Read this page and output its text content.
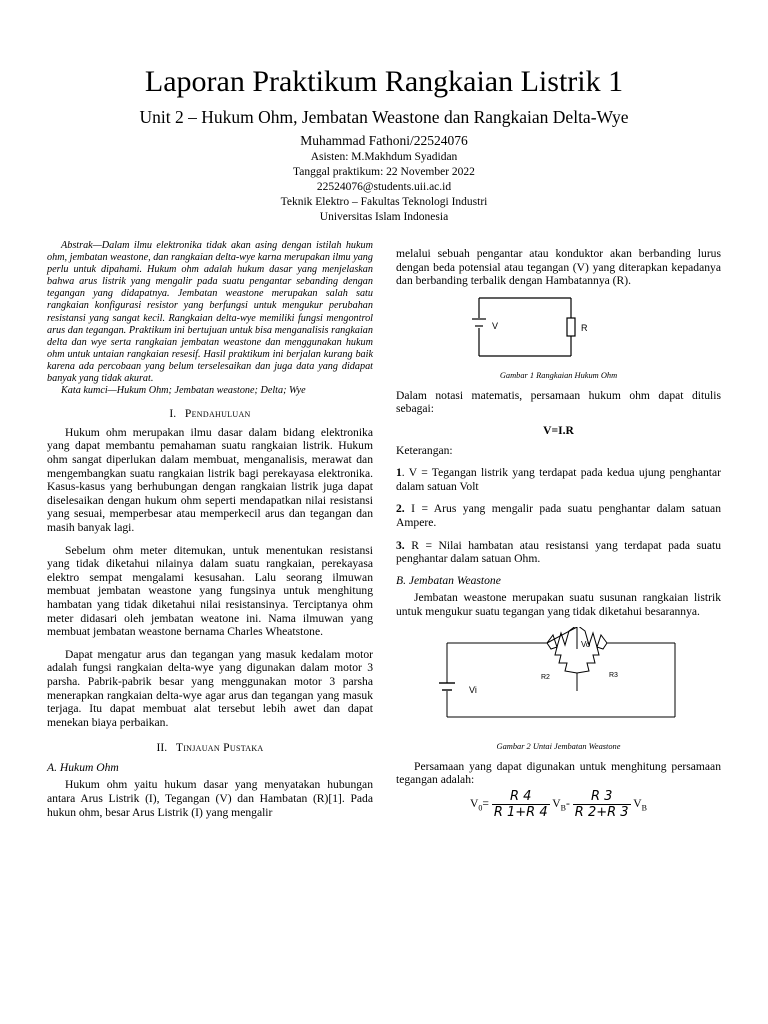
Laporan Praktikum Rangkaian Listrik 1
Unit 2 – Hukum Ohm, Jembatan Weastone dan Rangkaian Delta-Wye
Muhammad Fathoni/22524076
Asisten: M.Makhdum Syadidan
Tanggal praktikum: 22 November 2022
22524076@students.uii.ac.id
Teknik Elektro – Fakultas Teknologi Industri
Universitas Islam Indonesia

Abstrak—Dalam ilmu elektronika tidak akan asing dengan istilah hukum ohm, jembatan weastone, dan rangkaian delta-wye karna merupakan ilmu yang perlu untuk dipahami. Hukum ohm adalah hukum dasar yang menjelaskan bahwa arus listrik yang mengalir pada suatu pengantar sebanding dengan tegangan yang didapatnya. Jembatan weastone merupakan salah satu rangkaian konfigurasi resistor yang berfungsi untuk mengukur perubahan resistansi yang sangat kecil. Rangkaian delta-wye memiliki fungsi mengontrol arus dan tegangan. Praktikum ini bertujuan untuk bisa menganalisis rangkaian delta dan wye serta rangkaian jembatan weastone dan menggunakan hukum ohm untuk untaian rangkaian resesif. Hasil praktikum ini berjalan kurang baik karena ada percobaan yang belum terselesaikan dan juga data yang didapat banyak yang tidak akurat.

Kata kumci—Hukum Ohm; Jembatan weastone; Delta; Wye

I. Pendahuluan

Hukum ohm merupakan ilmu dasar dalam bidang elektronika yang dapat membantu pemahaman suatu rangkaian listrik. Hukum ohm sangat diperlukan dalam membuat, menganalisis, merawat dan mengembangkan suatu rangkaian listrik bagi perekayasa elektronika. Kasus-kasus yang berhubungan dengan rangkaian listrik juga dapat diselesaikan dengan hukum ohm seperti mendapatkan nilai resistansi yang sesuai, memperbesar atau memperkecil arus dan tegangan dan masih banyak lagi.

Sebelum ohm meter ditemukan, untuk menentukan resistansi yang tidak diketahui nilainya dalam suatu rangkaian, perekayasa elektro sempat mengalami kesusahan. Lalu seorang ilmuwan membuat jembatan weastone yang fungsinya untuk menghitung hambatan yang tidak diketahui nilai resistansinya. Terciptanya ohm meter didasari oleh jembatan weatone ini. Nama ilmuwan yang membuat jembatan weastone bernama Charles Wheatstone.

Dapat mengatur arus dan tegangan yang masuk kedalam motor adalah fungsi rangkaian delta-wye yang digunakan dalam motor 3 parsha. Pabrik-pabrik besar yang menggunakan motor 3 parsha menerapkan rangkaian delta-wye agar arus dan tegangan yang masuk terjaga. Itu dapat membuat alat tersebut lebih awet dan dapat menekan biaya perbaikan.

II. Tinjauan Pustaka
A. Hukum Ohm

Hukum ohm yaitu hukum dasar yang menyatakan hubungan antara Arus Listrik (I), Tegangan (V) dan Hambatan (R)[1]. Pada hukun ohm, besar Arus Listrik (I) yang mengalir

melalui sebuah pengantar atau konduktor akan berbanding lurus dengan beda potensial atau tegangan (V) yang diterapkan kepadanya dan berbanding terbalik dengan Hambatannya (R).

V	R
Gambar 1 Rangkaian Hukum Ohm

Dalam notasi matematis, persamaan hukum ohm dapat ditulis sebagai:

V=I.R

Keterangan:

1. V = Tegangan listrik yang terdapat pada kedua ujung penghantar dalam satuan Volt

2. I = Arus yang mengalir pada suatu penghantar dalam satuan Ampere.

3. R = Nilai hambatan atau resistansi yang terdapat pada suatu penghantar dalam satuan Ohm.

B. Jembatan Weastone

Jembatan weastone merupakan suatu susunan rangkaian listrik untuk mengukur suatu tegangan yang tidak diketahui besarannya.

Vo
R2	R3
Vi
Gambar 2 Untai Jembatan Weastone

Persamaan yang dapat digunakan untuk menghitung persamaan tegangan adalah:

$V_0= \frac{R 4}{R 1+R 4} V_B- \frac{R 3}{R 2+R 3} V_B$
